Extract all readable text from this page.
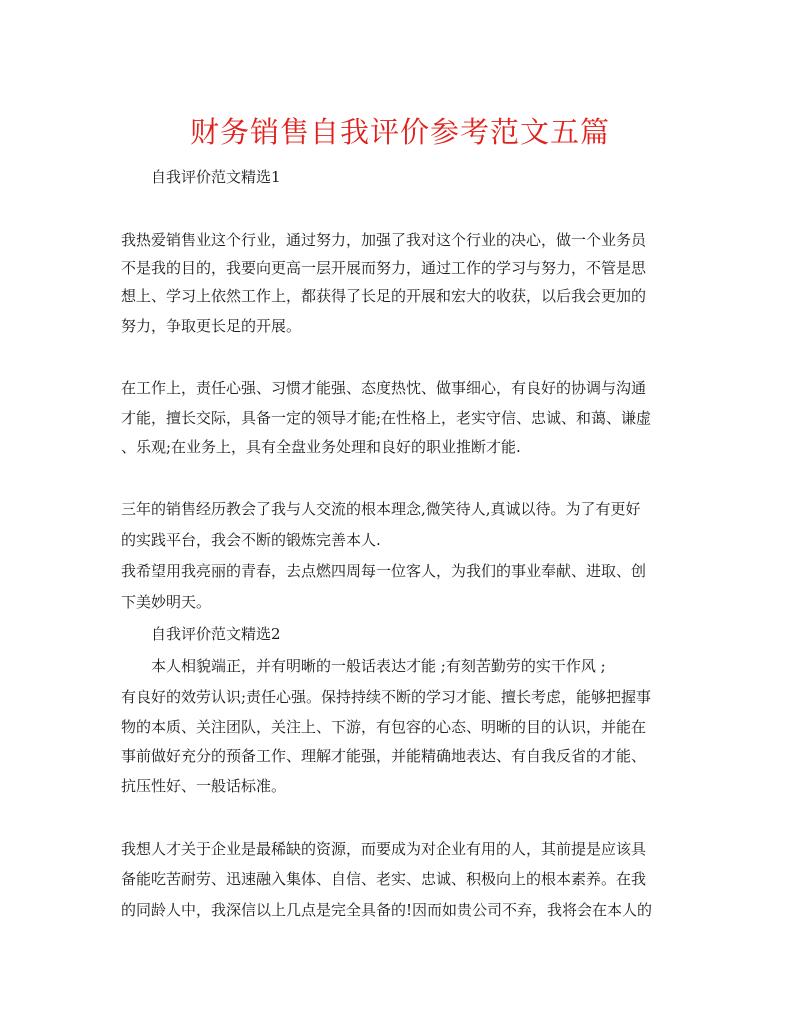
财务销售自我评价参考范文五篇
自我评价范文精选1
我热爱销售业这个行业，通过努力，加强了我对这个行业的决心，做一个业务员
不是我的目的，我要向更高一层开展而努力，通过工作的学习与努力，不管是思
想上、学习上依然工作上，都获得了长足的开展和宏大的收获，以后我会更加的
努力，争取更长足的开展。
在工作上，责任心强、习惯才能强、态度热忱、做事细心，有良好的协调与沟通
才能，擅长交际，具备一定的领导才能;在性格上，老实守信、忠诚、和蔼、谦虚
、乐观;在业务上，具有全盘业务处理和良好的职业推断才能.
三年的销售经历教会了我与人交流的根本理念,微笑待人,真诚以待。为了有更好
的实践平台，我会不断的锻炼完善本人.
我希望用我亮丽的青春，去点燃四周每一位客人，为我们的事业奉献、进取、创
下美妙明天。
自我评价范文精选2
本人相貌端正，并有明晰的一般话表达才能 ;有刻苦勤劳的实干作风 ;
有良好的效劳认识;责任心强。保持持续不断的学习才能、擅长考虑，能够把握事
物的本质、关注团队，关注上、下游，有包容的心态、明晰的目的认识，并能在
事前做好充分的预备工作、理解才能强，并能精确地表达、有自我反省的才能、
抗压性好、一般话标准。
我想人才关于企业是最稀缺的资源，而要成为对企业有用的人，其前提是应该具
备能吃苦耐劳、迅速融入集体、自信、老实、忠诚、积极向上的根本素养。在我
的同龄人中，我深信以上几点是完全具备的!因而如贵公司不弃，我将会在本人的
